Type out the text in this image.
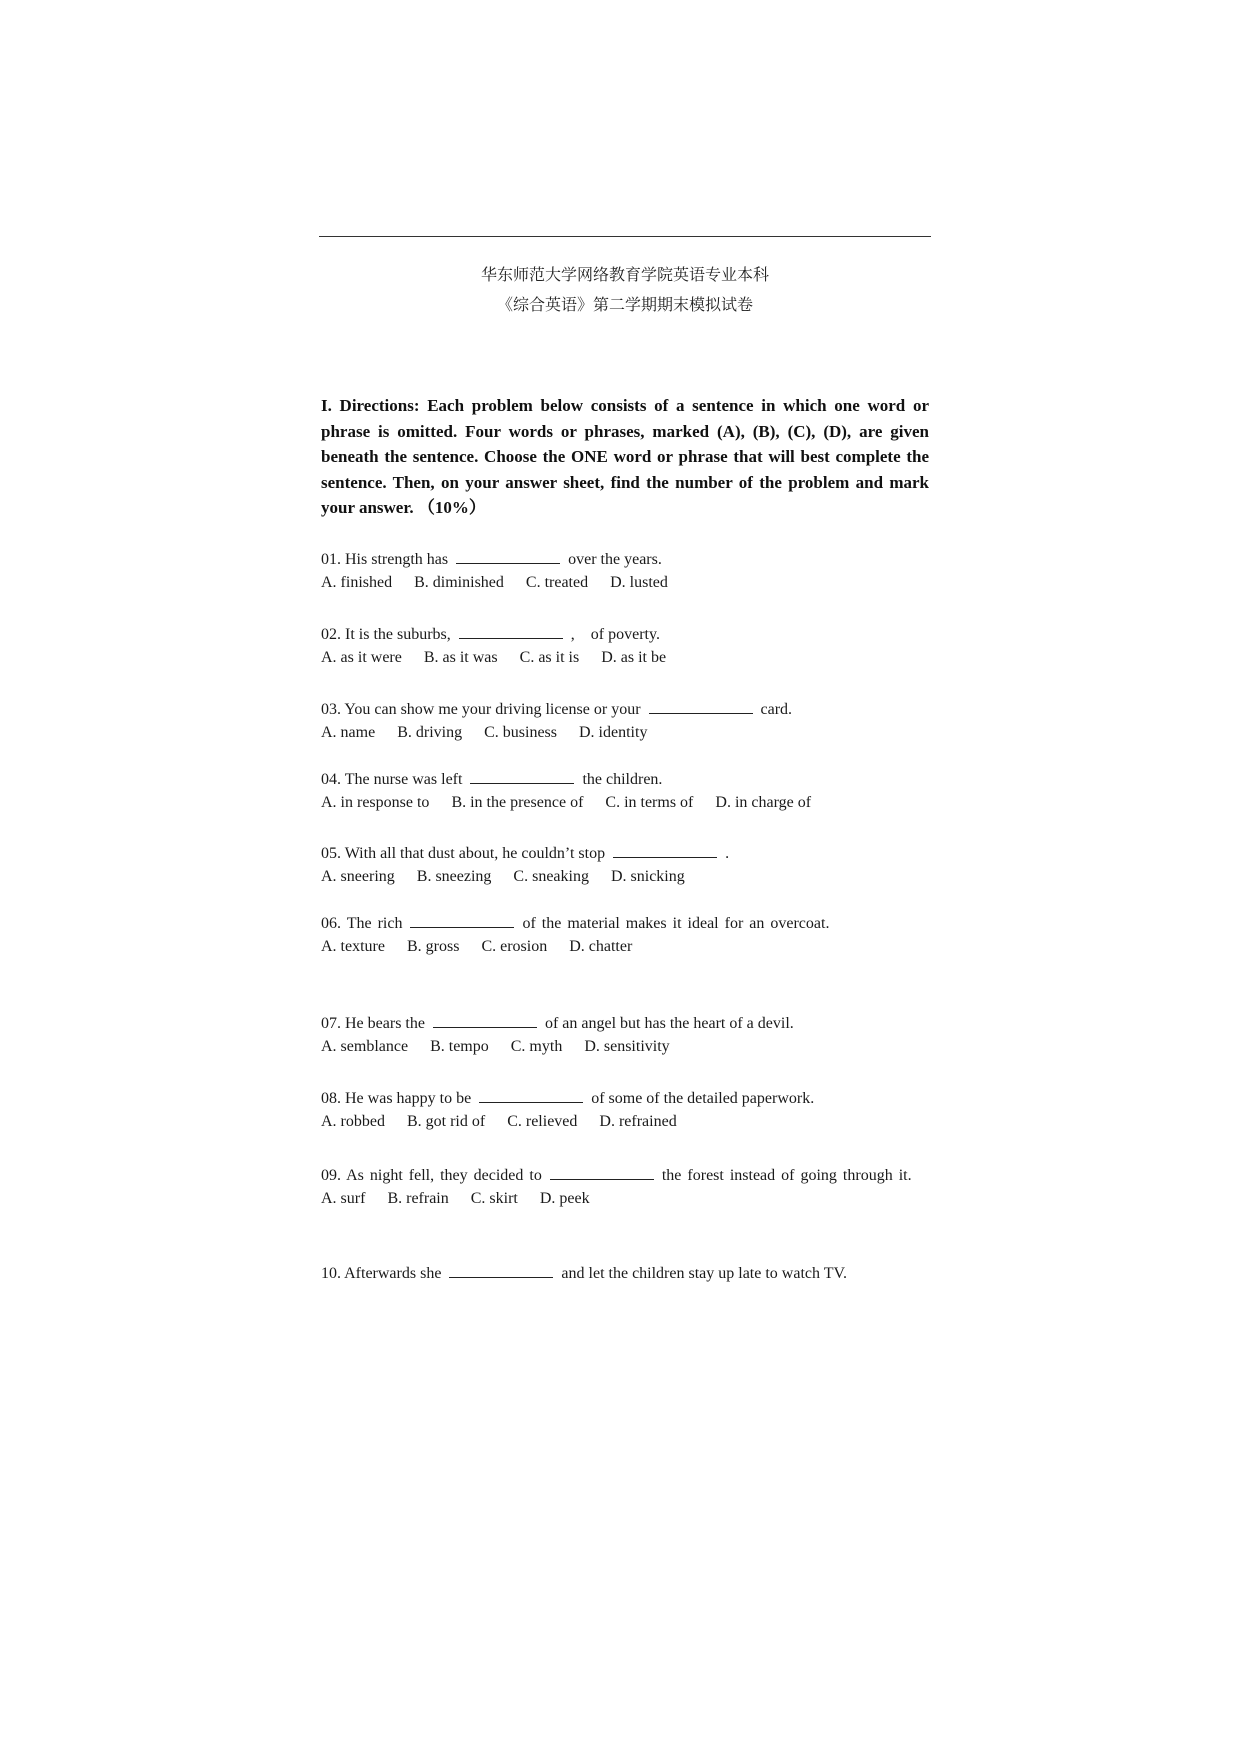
华东师范大学网络教育学院英语专业本科
《综合英语》第二学期期末模拟试卷
I. Directions: Each problem below consists of a sentence in which one word or phrase is omitted. Four words or phrases, marked (A), (B), (C), (D), are given beneath the sentence. Choose the ONE word or phrase that will best complete the sentence. Then, on your answer sheet, find the number of the problem and mark your answer. （10%）
01. His strength has	over the years.
A. finished B. diminished C. treated D. lusted
02. It is the suburbs,	,    of poverty.
A. as it were B. as it was C. as it is D. as it be
03. You can show me your driving license or your	card.
A. name B. driving C. business D. identity
04. The nurse was left	the children.
A. in response to B. in the presence of C. in terms of D. in charge of
05. With all that dust about, he couldn’t stop	.
A. sneering B. sneezing C. sneaking D. snicking
06. The rich	of the material makes it ideal for an overcoat.
A. texture B. gross C. erosion D. chatter
07. He bears the	of an angel but has the heart of a devil.
A. semblance B. tempo C. myth D. sensitivity
08. He was happy to be	of some of the detailed paperwork.
A. robbed B. got rid of C. relieved D. refrained
09. As night fell, they decided to	the forest instead of going through it.
A. surf B. refrain C. skirt D. peek
10. Afterwards she	and let the children stay up late to watch TV.
